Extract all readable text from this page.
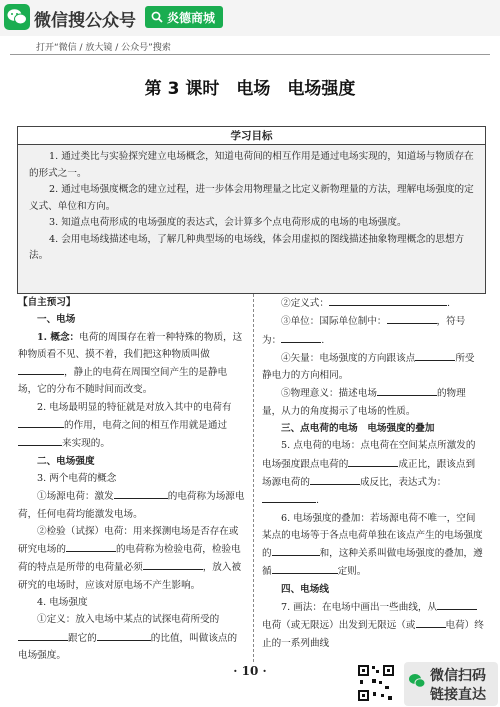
微信搜公众号	炎德商城
打开“微信 / 放大镜 / 公众号”搜索
第 3 课时　电场　电场强度
学习目标

1. 通过类比与实验探究建立电场概念，知道电荷间的相互作用是通过电场实现的，知道场与物质存在的形式之一。

2. 通过电场强度概念的建立过程，进一步体会用物理量之比定义新物理量的方法，理解电场强度的定义式、单位和方向。

3. 知道点电荷形成的电场强度的表达式，会计算多个点电荷形成的电场的电场强度。

4. 会用电场线描述电场，了解几种典型场的电场线，体会用虚拟的图线描述抽象物理概念的思想方法。

【自主预习】

一、电场

1. 概念：电荷的周围存在着一种特殊的物质，这种物质看不见、摸不着，我们把这种物质叫做，静止的电荷在周围空间产生的是静电场，它的分布不随时间而改变。

2. 电场最明显的特征就是对放入其中的电荷有的作用，电荷之间的相互作用就是通过来实现的。

二、电场强度

3. 两个电荷的概念

①场源电荷：激发	的电荷称为场源电荷，任何电荷均能激发电场。

②检验（试探）电荷：用来探测电场是否存在或研究电场的	的电荷称为检验电荷，检验电荷的特点是所带的电荷量必须	，放入被研究的电场时，应该对原电场不产生影响。

4. 电场强度

①定义：放入电场中某点的试探电荷所受的跟它的	的比值，叫做该点的电场强度。

②定义式：	.

③单位：国际单位制中：	，符号为：	.

④矢量：电场强度的方向跟该点	所受静电力的方向相同。

⑤物理意义：描述电场	的物理量，从力的角度揭示了电场的性质。

三、点电荷的电场　电场强度的叠加

5. 点电荷的电场：点电荷在空间某点所激发的电场强度跟点电荷的	成正比，跟该点到场源电荷的	成反比，表达式为：.

6. 电场强度的叠加：若场源电荷不唯一，空间某点的电场等于各点电荷单独在该点产生的电场强度的	和，这种关系叫做电场强度的叠加，遵循	定则。

四、电场线

7. 画法：在电场中画出一些曲线，从电荷（或无限远）出发到无限远（或	电荷）终止的一系列曲线

· 10 ·	微信扫码
链接直达
